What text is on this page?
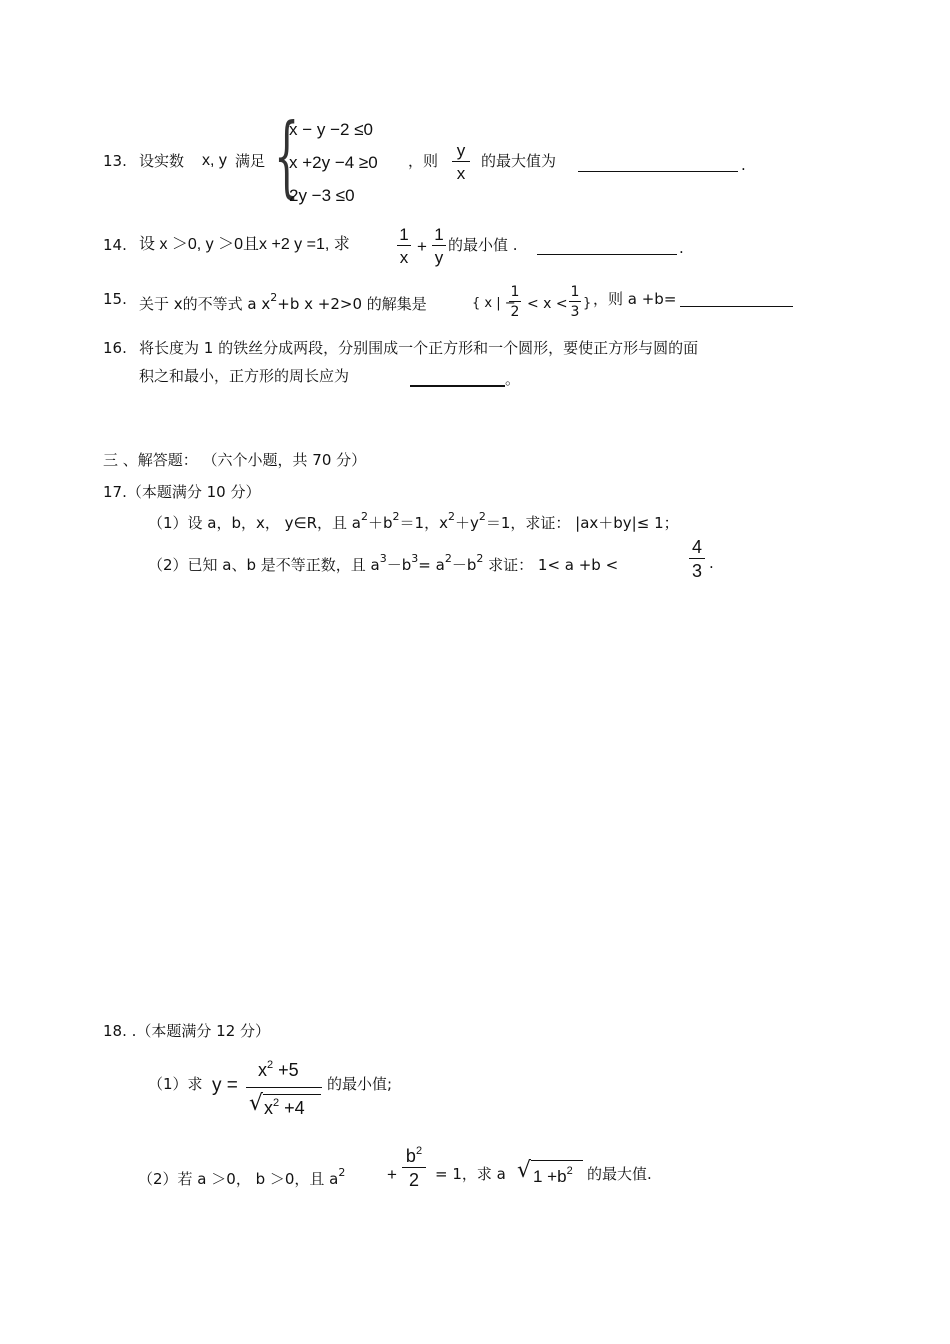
13. 设实数 x, y 满足 {
x − y −2 ≤0
x +2y −4 ≥0
2y −3 ≤0
，则
y
x
的最大值为	.
14. 设 x ＞0, y ＞0且x +2 y =1, 求
1
x
+
1
y
的最小值 .	.
15. 关于 x的不等式 a $x^2+b$ x +2>0 的解集是	{ x | −
1
2 < x <
1
3
} ，则 a +b=
16. 将长度为 1 的铁丝分成两段，分别围成一个正方形和一个圆形，要使正方形与圆的面
积之和最小，正方形的周长应为	。
三 、解答题： （六个小题，共 70 分）
17.（本题满分 10 分）
（1）设 a，b，x， y∈R，且 $a^2+b^2=1$，$x^2+y^2=1$，求证： |ax＋by|≤ 1；
（2）已知 a、b 是不等正数，且 $a^3-b^3= a^2-b^2$ 求证： 1< a +b <
4
3 .
18. .（本题满分 12 分）
（1）求 y =
$x^2 +5$
√ $x^2 +4$
的最小值;
（2）若 a ＞0， b ＞0，且 $a^2$ +
$b^2$
2	= 1，求 a √ $1 +b^2$ 的最大值.
